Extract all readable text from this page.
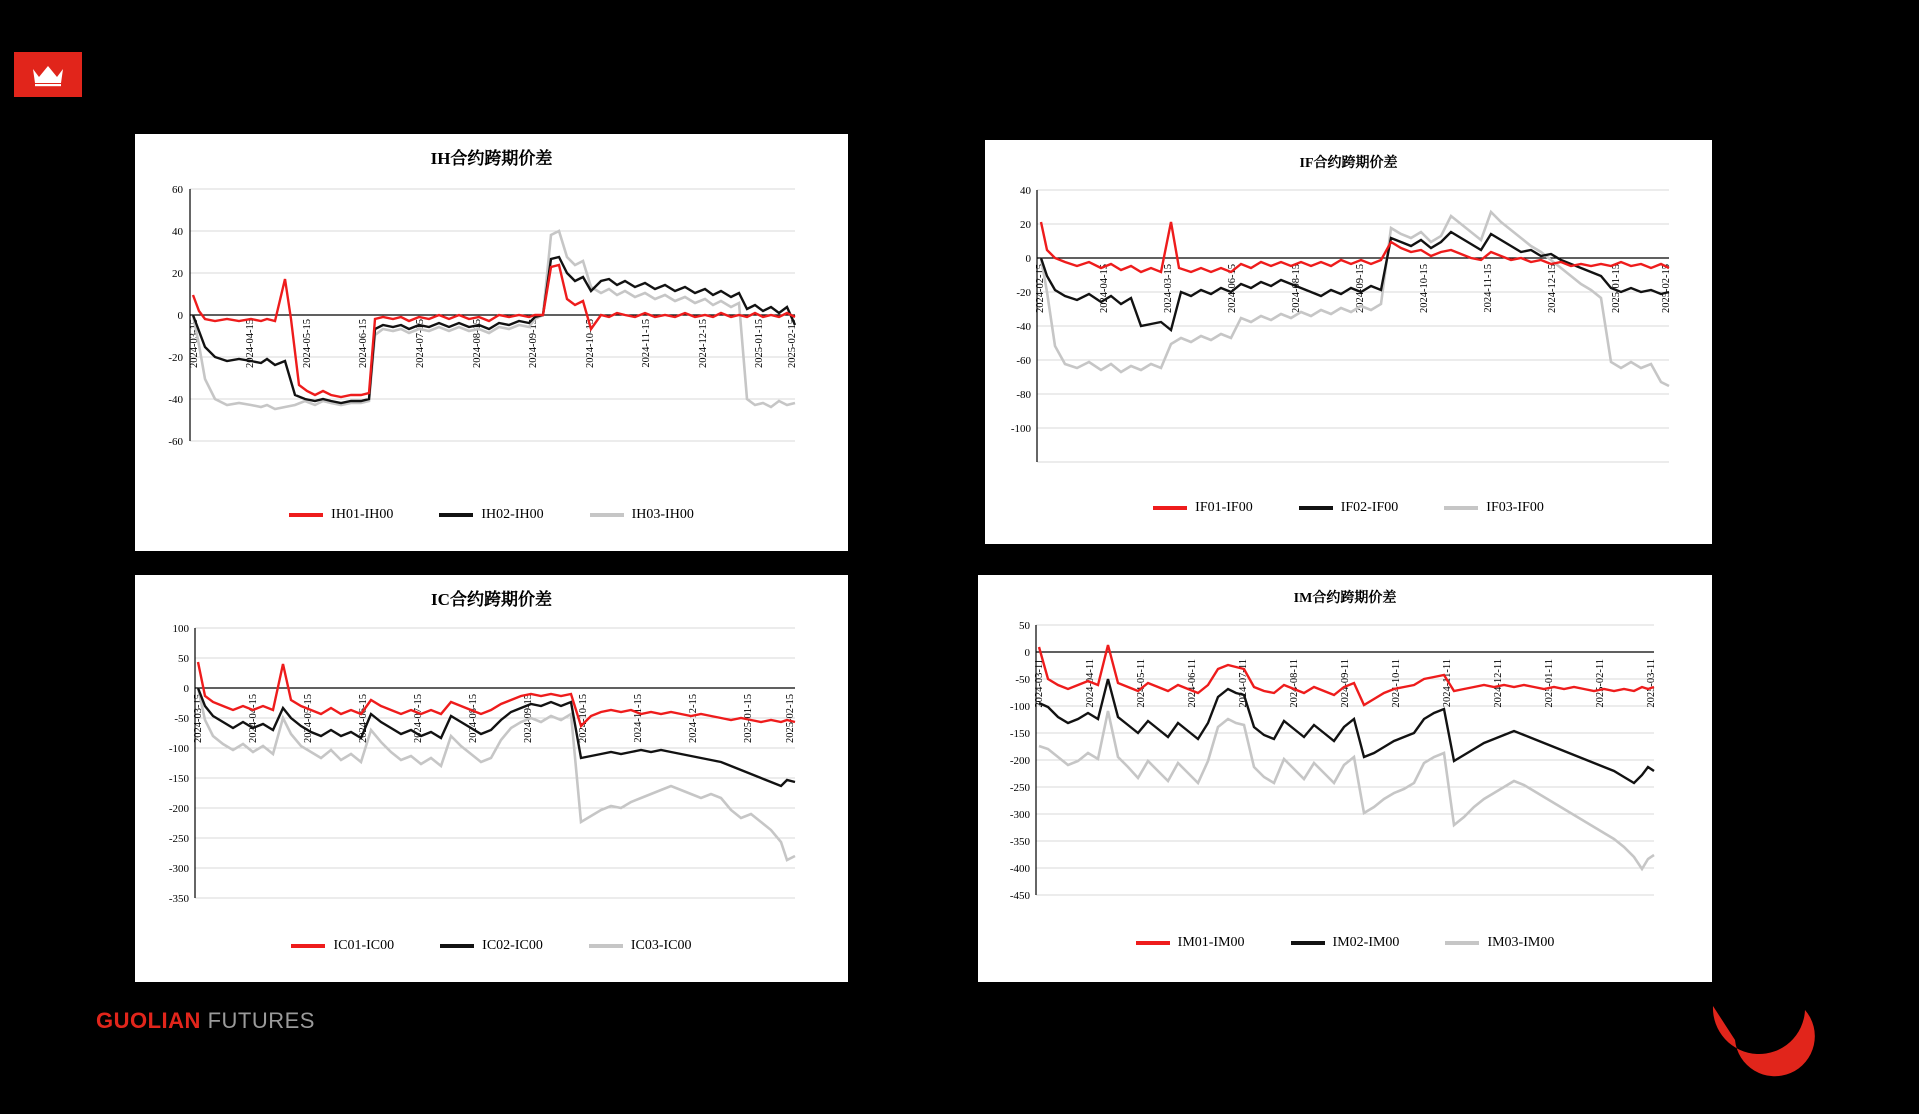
IH合约跨期价差
60
40
20
0
-20
-40
-60
2024-03-15	2024-04-15	2024-05-15	2024-06-15	2024-07-15	2024-08-15	2024-09-15	2024-10-15	2024-11-15	2024-12-15	2025-01-15 2025-02-15
IH01-IH00	IH02-IH00	IH03-IH00
IF合约跨期价差
40
20
0
-20
-40
-60
-80
-100
2024-02-15	2024-04-15	2024-03-15	2024-06-15	2024-08-15	2024-09-15	2024-10-15	2024-11-15	2024-12-15	2025-01-15	2025-02-15
IF01-IF00	IF02-IF00	IF03-IF00
IC合约跨期价差
100
50
0
-50
-100
-150
-200
-250
-300
-350
2024-03-15	2024-04-15	2024-05-15	2024-06-15	2024-07-15	2024-08-15	2024-09-15	2024-10-15	2024-11-15	2024-12-15	2025-01-15	2025-02-15
IC01-IC00	IC02-IC00	IC03-IC00
IM合约跨期价差
50
0
-50
-100
-150
-200
-250
-300
-350
-400
-450
2024-03-11	2024-04-11	2024-05-11	2024-06-11	2024-07-11	2024-08-11	2024-09-11	2024-10-11	2024-11-11	2024-12-11	2025-01-11	2025-02-11	2025-03-11
IM01-IM00	IM02-IM00	IM03-IM00
GUOLIAN FUTURES
